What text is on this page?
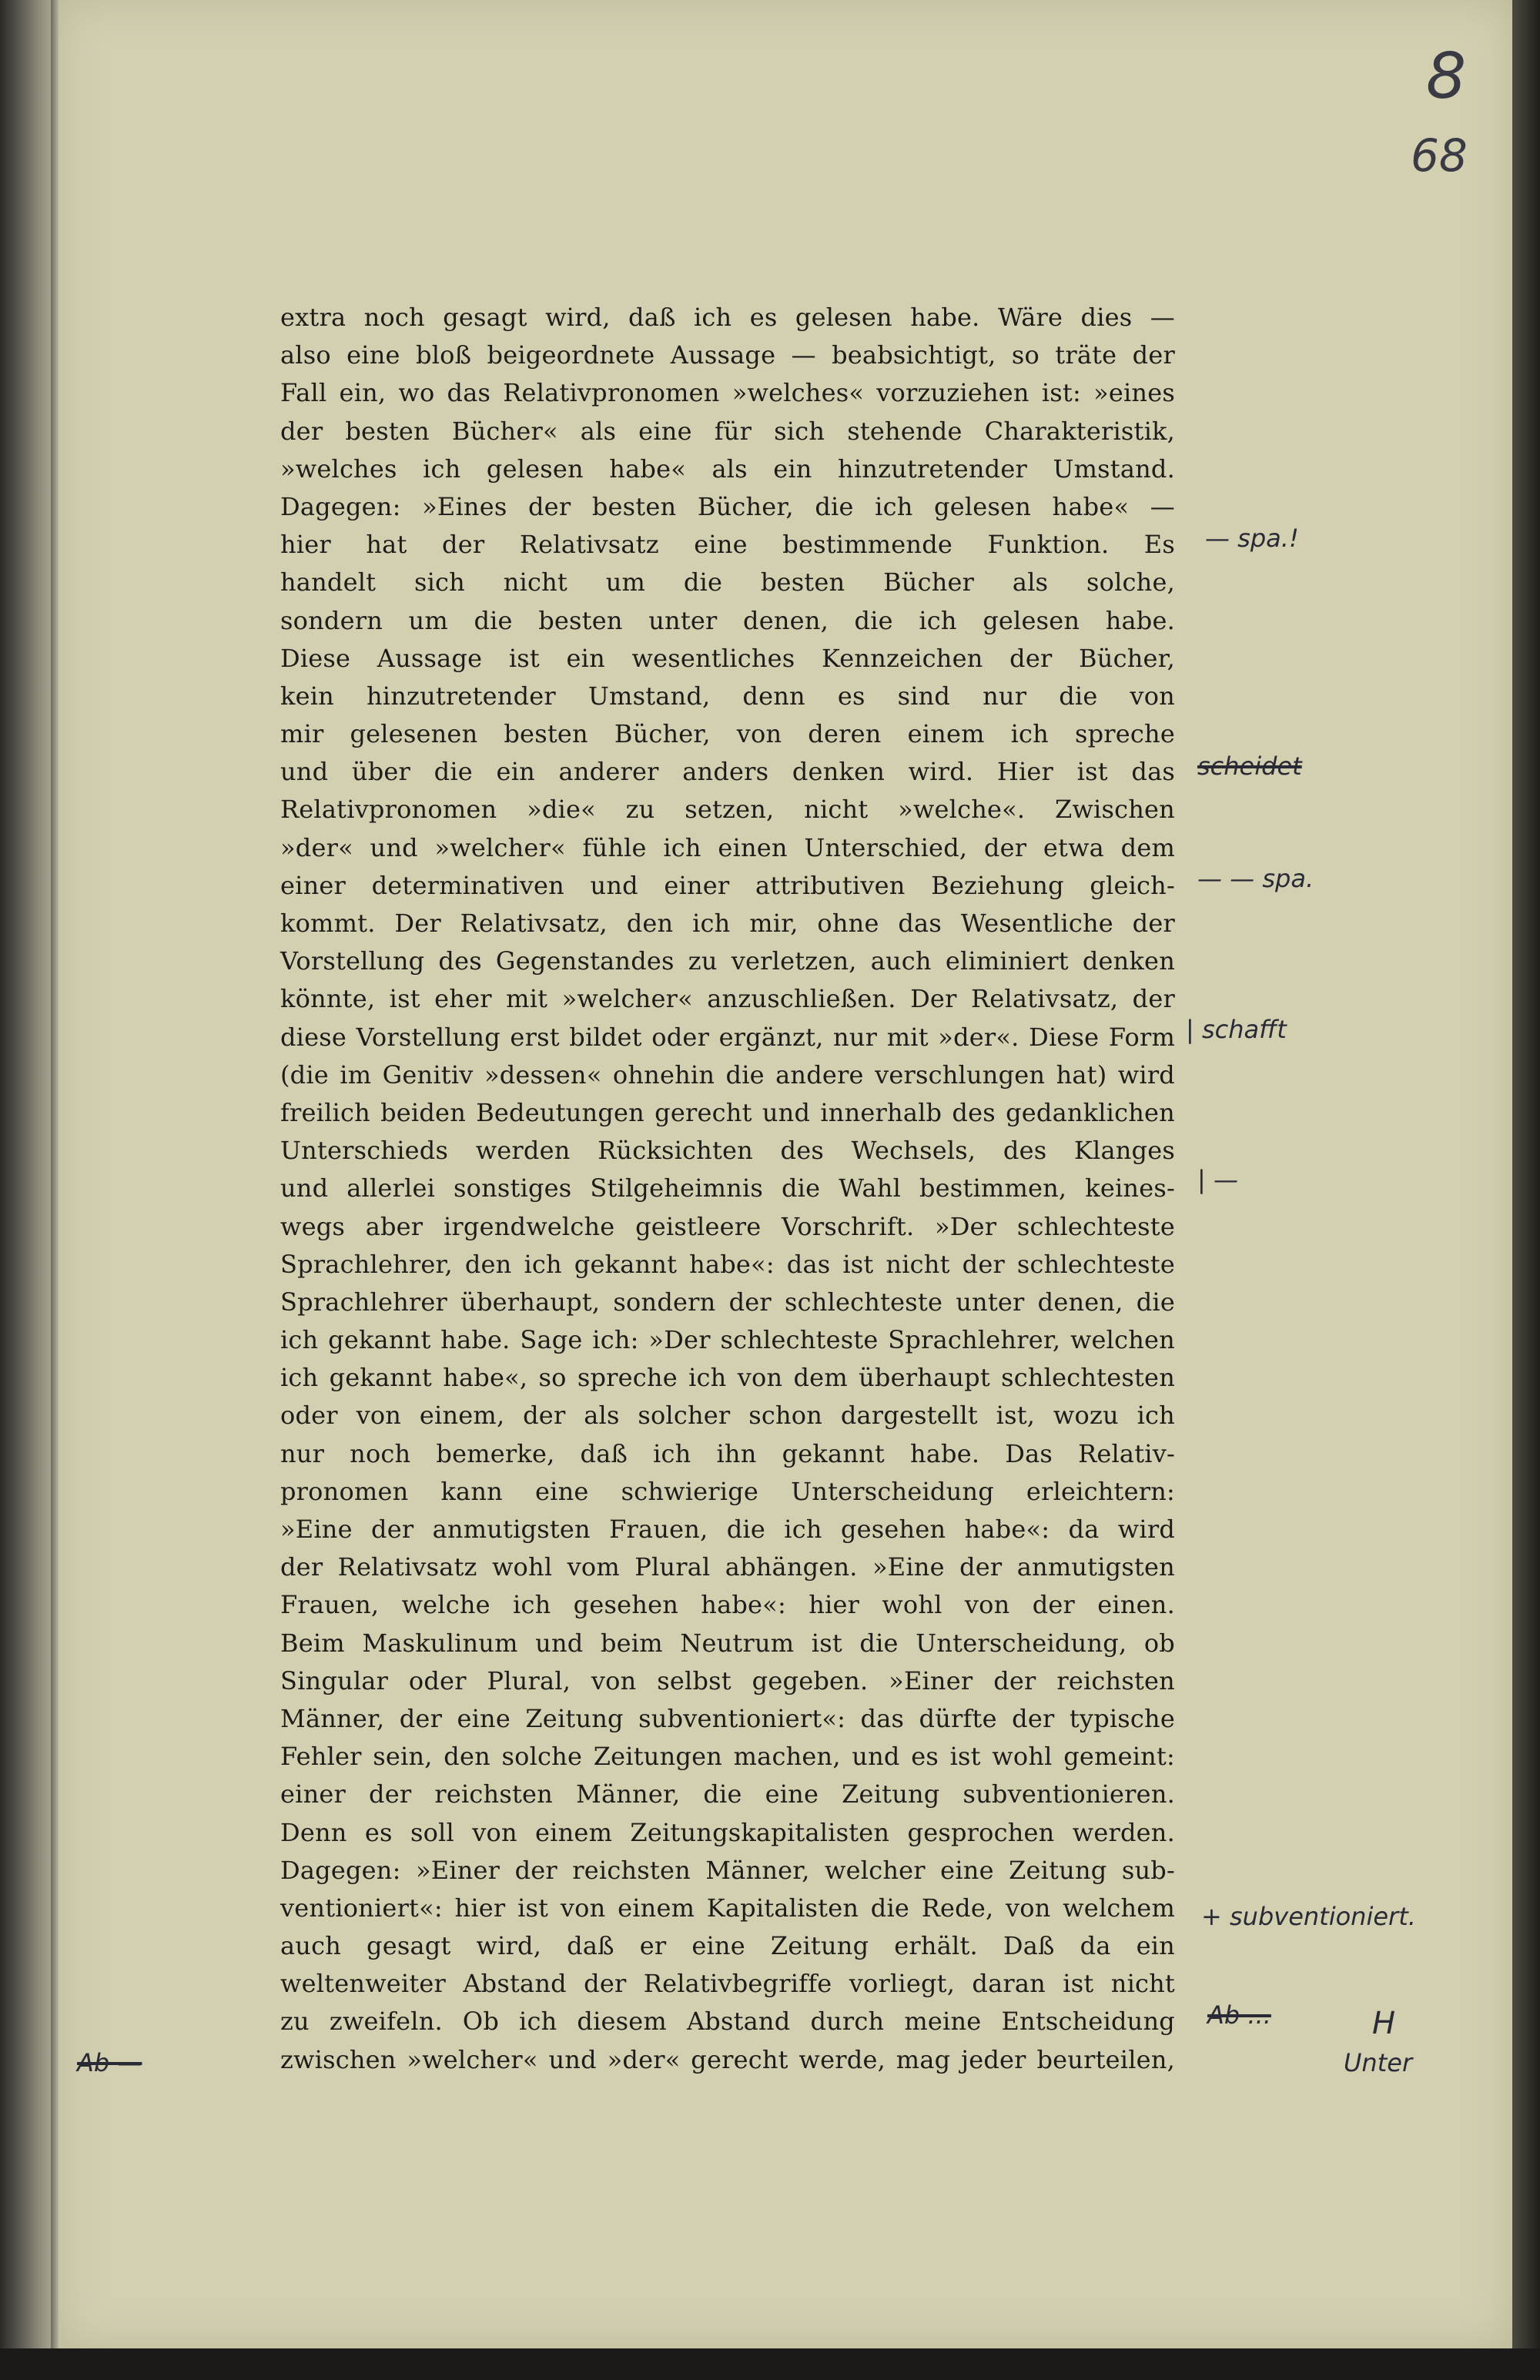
8
68
extra noch gesagt wird, daß ich es gelesen habe. Wäre dies —
also eine bloß beigeordnete Aussage — beabsichtigt, so träte der
Fall ein, wo das Relativpronomen »welches« vorzuziehen ist: »eines
der besten Bücher« als eine für sich stehende Charakteristik,
»welches ich gelesen habe« als ein hinzutretender Umstand.
Dagegen: »Eines der besten Bücher, die ich gelesen habe« —
hier hat der Relativsatz eine bestimmende Funktion. Es
handelt sich nicht um die besten Bücher als solche,
sondern um die besten unter denen, die ich gelesen habe.
Diese Aussage ist ein wesentliches Kennzeichen der Bücher,
kein hinzutretender Umstand, denn es sind nur die von
mir gelesenen besten Bücher, von deren einem ich spreche
und über die ein anderer anders denken wird. Hier ist das
Relativpronomen »die« zu setzen, nicht »welche«. Zwischen
»der« und »welcher« fühle ich einen Unterschied, der etwa dem
einer determinativen und einer attributiven Beziehung gleich-
kommt. Der Relativsatz, den ich mir, ohne das Wesentliche der
Vorstellung des Gegenstandes zu verletzen, auch eliminiert denken
könnte, ist eher mit »welcher« anzuschließen. Der Relativsatz, der
diese Vorstellung erst bildet oder ergänzt, nur mit »der«. Diese Form
(die im Genitiv »dessen« ohnehin die andere verschlungen hat) wird
freilich beiden Bedeutungen gerecht und innerhalb des gedanklichen
Unterschieds werden Rücksichten des Wechsels, des Klanges
und allerlei sonstiges Stilgeheimnis die Wahl bestimmen, keines-
wegs aber irgendwelche geistleere Vorschrift. »Der schlechteste
Sprachlehrer, den ich gekannt habe«: das ist nicht der schlechteste
Sprachlehrer überhaupt, sondern der schlechteste unter denen, die
ich gekannt habe. Sage ich: »Der schlechteste Sprachlehrer, welchen
ich gekannt habe«, so spreche ich von dem überhaupt schlechtesten
oder von einem, der als solcher schon dargestellt ist, wozu ich
nur noch bemerke, daß ich ihn gekannt habe. Das Relativ-
pronomen kann eine schwierige Unterscheidung erleichtern:
»Eine der anmutigsten Frauen, die ich gesehen habe«: da wird
der Relativsatz wohl vom Plural abhängen. »Eine der anmutigsten
Frauen, welche ich gesehen habe«: hier wohl von der einen.
Beim Maskulinum und beim Neutrum ist die Unterscheidung, ob
Singular oder Plural, von selbst gegeben. »Einer der reichsten
Männer, der eine Zeitung subventioniert«: das dürfte der typische
Fehler sein, den solche Zeitungen machen, und es ist wohl gemeint:
einer der reichsten Männer, die eine Zeitung subventionieren.
Denn es soll von einem Zeitungskapitalisten gesprochen werden.
Dagegen: »Einer der reichsten Männer, welcher eine Zeitung sub-
ventioniert«: hier ist von einem Kapitalisten die Rede, von welchem
auch gesagt wird, daß er eine Zeitung erhält. Daß da ein
weltenweiter Abstand der Relativbegriffe vorliegt, daran ist nicht
zu zweifeln. Ob ich diesem Abstand durch meine Entscheidung
zwischen »welcher« und »der« gerecht werde, mag jeder beurteilen,
— spa.!
scheidet
— — spa.
| schafft
| —
+ subventioniert.
Ab ...	H
Unter
Ab —
